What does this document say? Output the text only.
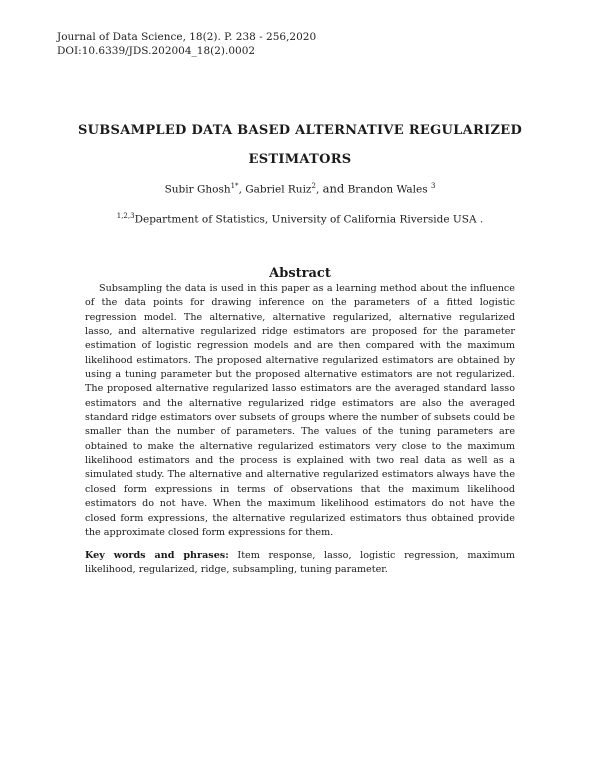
Journal of Data Science, 18(2). P. 238 - 256,2020
DOI:10.6339/JDS.202004_18(2).0002
SUBSAMPLED DATA BASED ALTERNATIVE REGULARIZED
ESTIMATORS
Subir Ghosh$^{1*}$, Gabriel Ruiz$^2$, and Brandon Wales $^3$
$^{1,2,3}$Department of Statistics, University of California Riverside USA .
Abstract
Subsampling the data is used in this paper as a learning method about the influence of the data points for drawing inference on the parameters of a fitted logistic regression model. The alternative, alternative regularized, alternative regularized lasso, and alternative regularized ridge estimators are proposed for the parameter estimation of logistic regression models and are then compared with the maximum likelihood estimators. The proposed alternative regularized estimators are obtained by using a tuning parameter but the proposed alternative estimators are not regularized. The proposed alternative regularized lasso estimators are the averaged standard lasso estimators and the alternative regularized ridge estimators are also the averaged standard ridge estimators over subsets of groups where the number of subsets could be smaller than the number of parameters. The values of the tuning parameters are obtained to make the alternative regularized estimators very close to the maximum likelihood estimators and the process is explained with two real data as well as a simulated study. The alternative and alternative regularized estimators always have the closed form expressions in terms of observations that the maximum likelihood estimators do not have. When the maximum likelihood estimators do not have the closed form expressions, the alternative regularized estimators thus obtained provide the approximate closed form expressions for them.
Key words and phrases: Item response, lasso, logistic regression, maximum likelihood, regularized, ridge, subsampling, tuning parameter.
